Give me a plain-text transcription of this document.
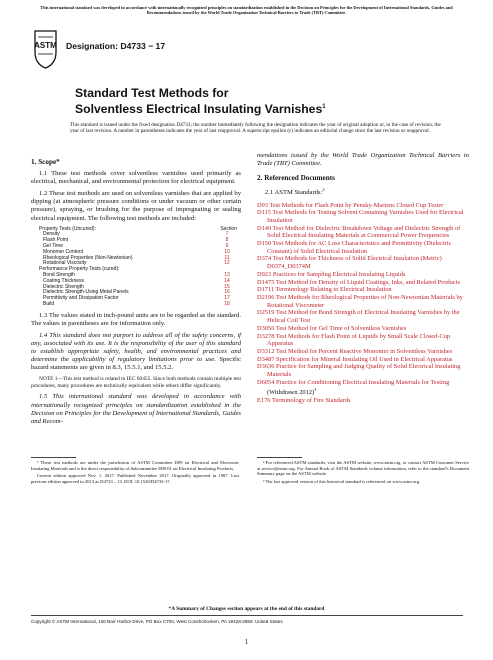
This international standard was developed in accordance with internationally recognized principles on standardization established in the Decision on Principles for the Development of International Standards, Guides and Recommendations issued by the World Trade Organization Technical Barriers to Trade (TBT) Committee.
ASTM Designation: D4733 − 17
Standard Test Methods for
Solventless Electrical Insulating Varnishes$^1$
This standard is issued under the fixed designation D4733; the number immediately following the designation indicates the year of original adoption or, in the case of revision, the year of last revision. A number in parentheses indicates the year of last reapproval. A superscript epsilon (ε) indicates an editorial change since the last revision or reapproval.
1. Scope*

1.1 These test methods cover solventless varnishes used primarily as electrical, mechanical, and environmental protection for electrical equipment.

1.2 These test methods are used on solventless varnishes that are applied by dipping (at atmospheric pressure conditions or under vacuum or other certain pressure), spraying, or brushing for the purpose of impregnating or sealing electrical equipment. The following test methods are included:

Property Tests (Uncured):	Section
Density	7
Flash Point	8
Gel Time	9
Monomer Content	10
Rheological Properties (Non-Newtonian)	11
Rotational Viscosity	12
Performance Property Tests (cured):
Bond Strength	13
Coating Thickness	14
Dielectric Strength	15
Dielectric Strength-Using Metal Panels	16
Permittivity and Dissipation Factor	17
Build	18

1.3 The values stated in inch-pound units are to be regarded as the standard. The values in parentheses are for information only.

1.4 This standard does not purport to address all of the safety concerns, if any, associated with its use. It is the responsibility of the user of this standard to establish appropriate safety, health, and environmental practices and determine the applicability of regulatory limitations prior to use. Specific hazard statements are given in 8.3, 15.5.1, and 15.5.2.

NOTE 1—This test method is related to IEC 60455. Since both methods contain multiple test procedures, many procedures are technically equivalent while others differ significantly.

1.5 This international standard was developed in accordance with internationally recognized principles on standardization established in the Decision on Principles for the Development of International Standards, Guides and Recom-

mendations issued by the World Trade Organization Technical Barriers to Trade (TBT) Committee.

2. Referenced Documents

2.1 ASTM Standards:$^2$

D93 Test Methods for Flash Point by Pensky-Martens Closed Cup Tester

D115 Test Methods for Testing Solvent Containing Varnishes Used for Electrical Insulation

D149 Test Method for Dielectric Breakdown Voltage and Dielectric Strength of Solid Electrical Insulating Materials at Commercial Power Frequencies

D150 Test Methods for AC Loss Characteristics and Permittivity (Dielectric Constant) of Solid Electrical Insulation

D374 Test Methods for Thickness of Solid Electrical Insulation (Metric) D0374_D0374M

D923 Practices for Sampling Electrical Insulating Liquids

D1475 Test Method for Density of Liquid Coatings, Inks, and Related Products

D1711 Terminology Relating to Electrical Insulation

D2196 Test Methods for Rheological Properties of Non-Newtonian Materials by Rotational Viscometer

D2519 Test Method for Bond Strength of Electrical Insulating Varnishes by the Helical Coil Test

D3056 Test Method for Gel Time of Solventless Varnishes

D3278 Test Methods for Flash Point of Liquids by Small Scale Closed-Cup Apparatus

D3312 Test Method for Percent Reactive Monomer in Solventless Varnishes

D3487 Specification for Mineral Insulating Oil Used in Electrical Apparatus

D3636 Practice for Sampling and Judging Quality of Solid Electrical Insulating Materials

D6054 Practice for Conditioning Electrical Insulating Materials for Testing (Withdrawn 2012)$^3$

E176 Terminology of Fire Standards

¹ These test methods are under the jurisdiction of ASTM Committee D09 on Electrical and Electronic Insulating Materials and is the direct responsibility of Subcommittee D09.01 on Electrical Insulating Products.

Current edition approved Nov. 1, 2017. Published November 2017. Originally approved in 1987. Last previous edition approved in 2013 as D4733 – 13. DOI: 10.1520/D4733-17.

² For referenced ASTM standards, visit the ASTM website, www.astm.org, or contact ASTM Customer Service at service@astm.org. For Annual Book of ASTM Standards volume information, refer to the standard’s Document Summary page on the ASTM website.

³ The last approved version of this historical standard is referenced on www.astm.org.

*A Summary of Changes section appears at the end of this standard
Copyright © ASTM International, 100 Barr Harbor Drive, PO Box C700, West Conshohocken, PA 19428-2959. United States
1
